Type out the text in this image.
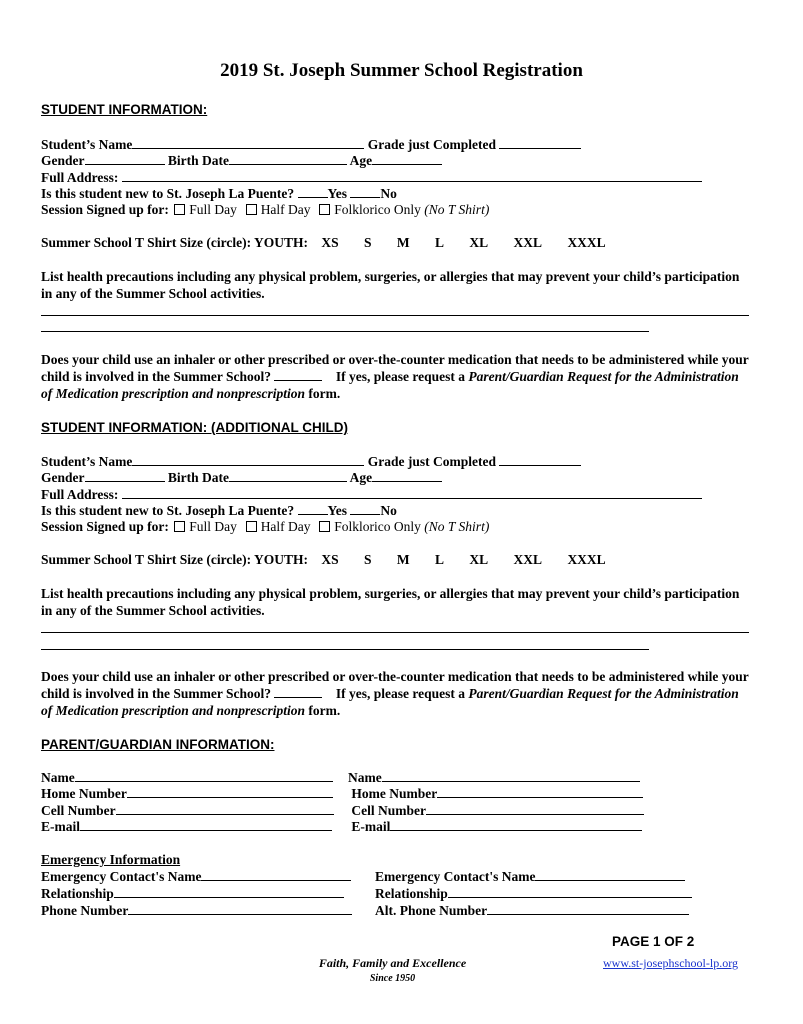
2019 St. Joseph Summer School Registration
STUDENT INFORMATION:
Student’s Name	Grade just Completed
Gender	Birth Date	Age
Full Address:
Is this student new to St. Joseph La Puente? Yes No
Session Signed up for: Full Day Half Day Folklorico Only (No T Shirt)
Summer School T Shirt Size (circle): YOUTH: XS S M L XL XXL XXXL
List health precautions including any physical problem, surgeries, or allergies that may prevent your child’s participation in any of the Summer School activities.
Does your child use an inhaler or other prescribed or over-the-counter medication that needs to be administered while your child is involved in the Summer School?	If yes, please request a Parent/Guardian Request for the Administration of Medication prescription and nonprescription form.
STUDENT INFORMATION: (ADDITIONAL CHILD)
Student’s Name	Grade just Completed
Gender	Birth Date	Age
Full Address:
Is this student new to St. Joseph La Puente? Yes No
Session Signed up for: Full Day Half Day Folklorico Only (No T Shirt)
Summer School T Shirt Size (circle): YOUTH: XS S M L XL XXL XXXL
List health precautions including any physical problem, surgeries, or allergies that may prevent your child’s participation in any of the Summer School activities.
Does your child use an inhaler or other prescribed or over-the-counter medication that needs to be administered while your child is involved in the Summer School?	If yes, please request a Parent/Guardian Request for the Administration of Medication prescription and nonprescription form.
PARENT/GUARDIAN INFORMATION:
Name	Name
Home Number	Home Number
Cell Number	Cell Number
E-mail	E-mail
Emergency Information
Emergency Contact's Name	Emergency Contact's Name
Relationship	Relationship
Phone Number	Alt. Phone Number
PAGE 1 OF 2
Faith, Family and Excellence
Since 1950
www.st-josephschool-lp.org
